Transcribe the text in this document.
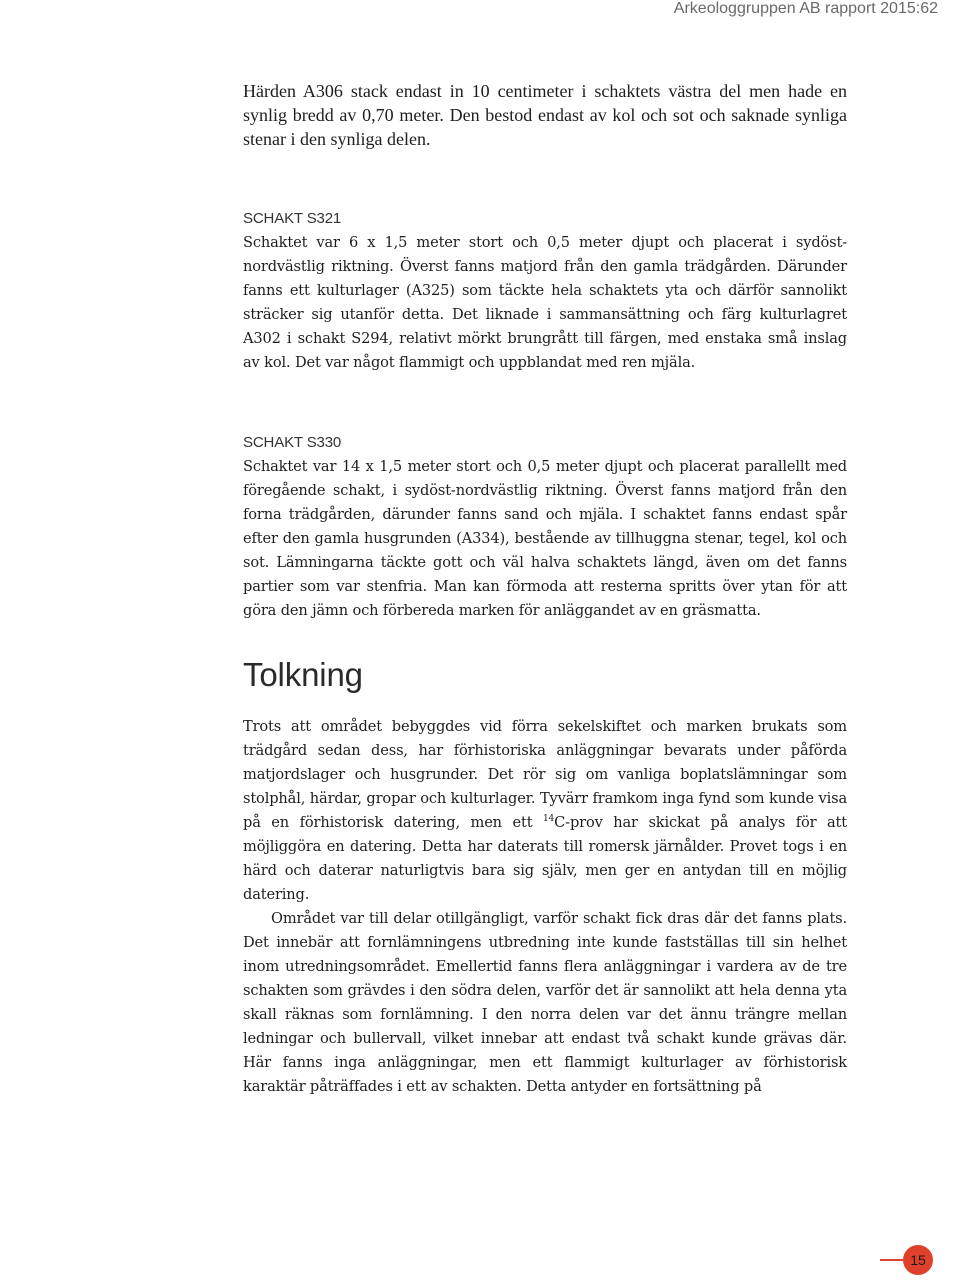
Arkeologgruppen AB rapport 2015:62

Härden A306 stack endast in 10 centimeter i schaktets västra del men hade en synlig bredd av 0,70 meter. Den bestod endast av kol och sot och saknade synliga stenar i den synliga delen.

SCHAKT S321

Schaktet var 6 x 1,5 meter stort och 0,5 meter djupt och placerat i sydöst-nordvästlig riktning. Överst fanns matjord från den gamla trädgården. Därunder fanns ett kulturlager (A325) som täckte hela schaktets yta och därför sannolikt sträcker sig utanför detta. Det liknade i sammansättning och färg kulturlagret A302 i schakt S294, relativt mörkt brungrått till färgen, med enstaka små inslag av kol. Det var något flammigt och uppblandat med ren mjäla.

SCHAKT S330

Schaktet var 14 x 1,5 meter stort och 0,5 meter djupt och placerat parallellt med föregående schakt, i sydöst-nordvästlig riktning. Överst fanns matjord från den forna trädgården, därunder fanns sand och mjäla. I schaktet fanns endast spår efter den gamla husgrunden (A334), bestående av tillhuggna stenar, tegel, kol och sot. Lämningarna täckte gott och väl halva schaktets längd, även om det fanns partier som var stenfria. Man kan förmoda att resterna spritts över ytan för att göra den jämn och förbereda marken för anläggandet av en gräsmatta.

Tolkning

Trots att området bebyggdes vid förra sekelskiftet och marken brukats som trädgård sedan dess, har förhistoriska anläggningar bevarats under påförda matjordslager och husgrunder. Det rör sig om vanliga boplatslämningar som stolphål, härdar, gropar och kulturlager. Tyvärr framkom inga fynd som kunde visa på en förhistorisk datering, men ett $^{14}$C-prov har skickat på analys för att möjliggöra en datering. Detta har daterats till romersk järnålder. Provet togs i en härd och daterar naturligtvis bara sig själv, men ger en antydan till en möjlig datering.

Området var till delar otillgängligt, varför schakt fick dras där det fanns plats. Det innebär att fornlämningens utbredning inte kunde fastställas till sin helhet inom utredningsområdet. Emellertid fanns flera anläggningar i vardera av de tre schakten som grävdes i den södra delen, varför det är sannolikt att hela denna yta skall räknas som fornlämning. I den norra delen var det ännu trängre mellan ledningar och bullervall, vilket innebar att endast två schakt kunde grävas där. Här fanns inga anläggningar, men ett flammigt kulturlager av förhistorisk karaktär påträffades i ett av schakten. Detta antyder en fortsättning på

15
